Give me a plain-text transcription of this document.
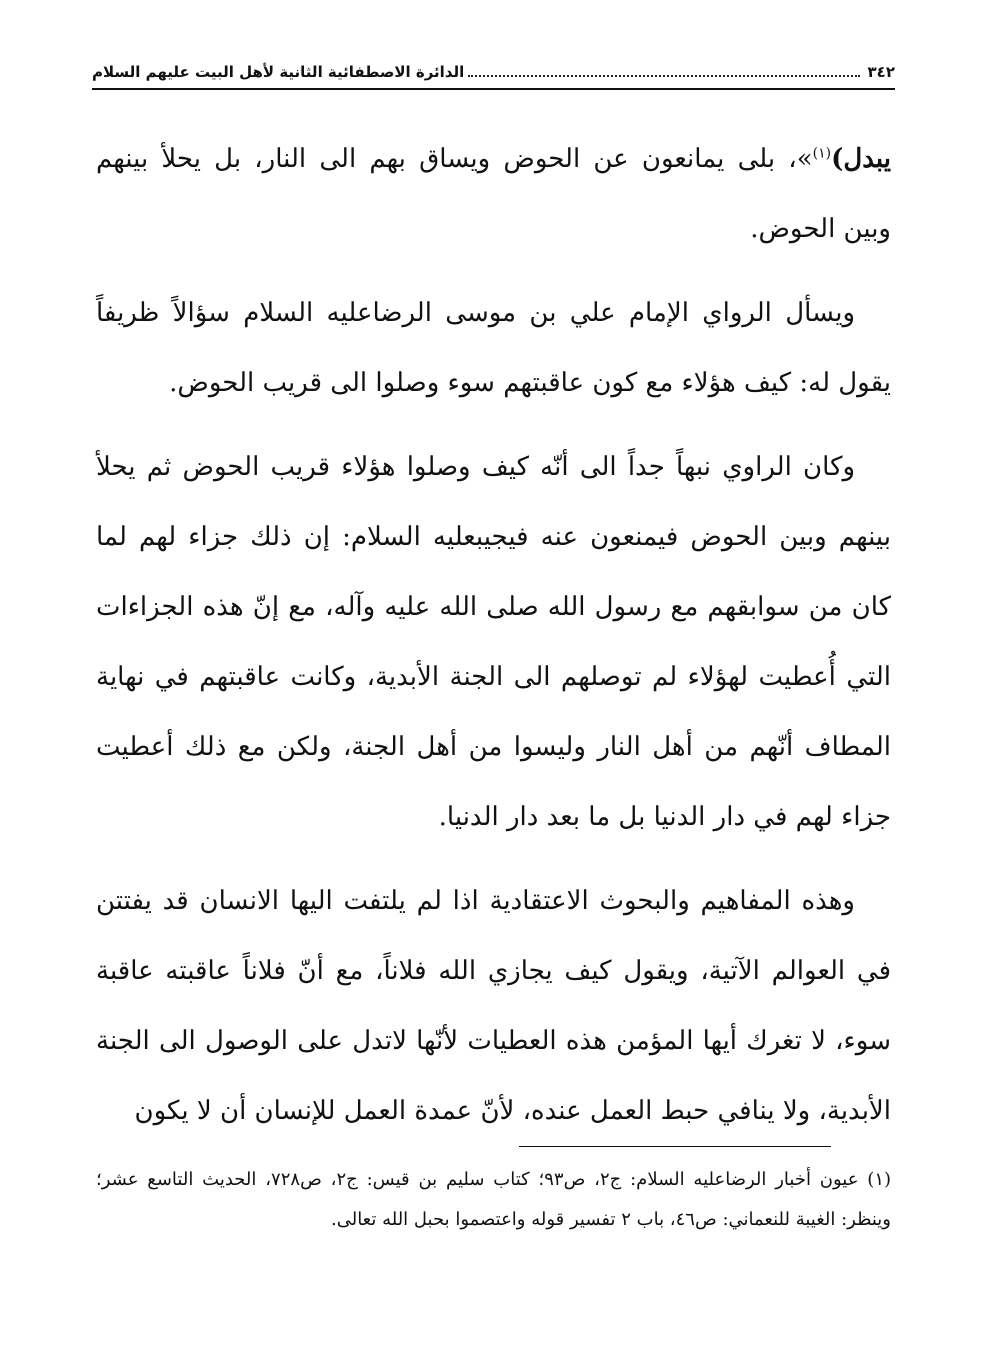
٣٤٢
الدائرة الاصطفائية الثانية لأهل البيت عليهم السلام

يبدل)$^{(١)}$»، بلى يمانعون عن الحوض ويساق بهم الى النار، بل يحلأ بينهم وبين الحوض.

ويسأل الرواي الإمام علي بن موسى الرضاعليه السلام سؤالاً ظريفاً يقول له: كيف هؤلاء مع كون عاقبتهم سوء وصلوا الى قريب الحوض.

وكان الراوي نبهاً جداً الى أنّه كيف وصلوا هؤلاء قريب الحوض ثم يحلأ بينهم وبين الحوض فيمنعون عنه فيجيبعليه السلام: إن ذلك جزاء لهم لما كان من سوابقهم مع رسول الله صلى الله عليه وآله، مع إنّ هذه الجزاءات التي أُعطيت لهؤلاء لم توصلهم الى الجنة الأبدية، وكانت عاقبتهم في نهاية المطاف أنّهم من أهل النار وليسوا من أهل الجنة، ولكن مع ذلك أعطيت جزاء لهم في دار الدنيا بل ما بعد دار الدنيا.

وهذه المفاهيم والبحوث الاعتقادية اذا لم يلتفت اليها الانسان قد يفتتن في العوالم الآتية، ويقول كيف يجازي الله فلاناً، مع أنّ فلاناً عاقبته عاقبة سوء، لا تغرك أيها المؤمن هذه العطيات لأنّها لاتدل على الوصول الى الجنة الأبدية، ولا ينافي حبط العمل عنده، لأنّ عمدة العمل للإنسان أن لا يكون

(١) عيون أخبار الرضاعليه السلام: ج٢، ص٩٣؛ كتاب سليم بن قيس: ج٢، ص٧٢٨، الحديث التاسع عشر؛ وينظر: الغيبة للنعماني: ص٤٦، باب ٢ تفسير قوله واعتصموا بحبل الله تعالى.
